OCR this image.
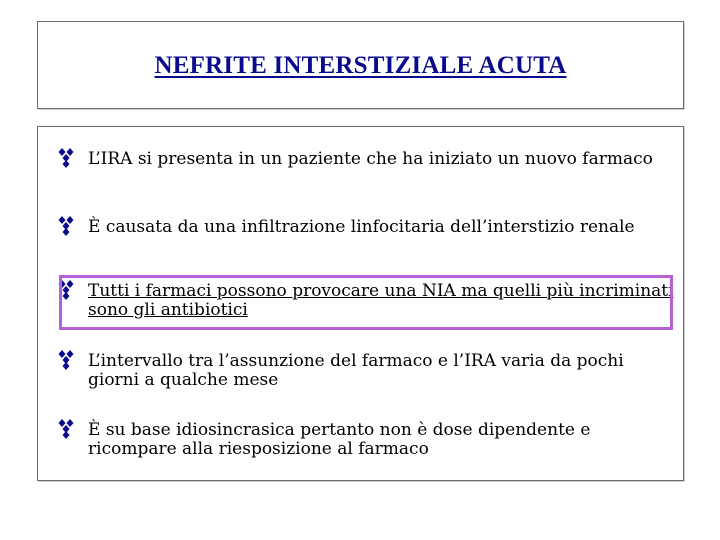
NEFRITE INTERSTIZIALE ACUTA
L’IRA si presenta in un paziente che ha iniziato un nuovo farmaco
È causata da una infiltrazione linfocitaria dell’interstizio renale
Tutti i farmaci possono provocare una NIA ma quelli più incriminati sono gli antibiotici
L’intervallo tra l’assunzione del farmaco e l’IRA varia da pochi giorni a qualche mese
È su base idiosincrasica pertanto non è dose dipendente e ricompare alla riesposizione al farmaco
